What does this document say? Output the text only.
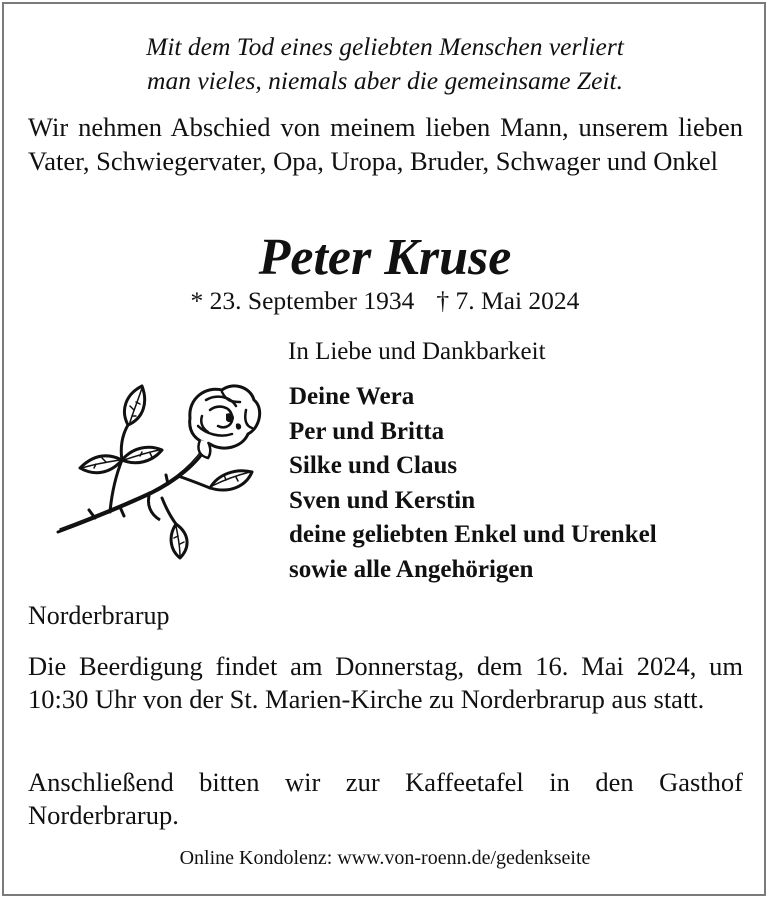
Mit dem Tod eines geliebten Menschen verliert
man vieles, niemals aber die gemeinsame Zeit.
Wir nehmen Abschied von meinem lieben Mann, unserem lieben Vater, Schwiegervater, Opa, Uropa, Bruder, Schwager und Onkel
Peter Kruse
* 23. September 1934 † 7. Mai 2024
In Liebe und Dankbarkeit
Deine Wera
Per und Britta
Silke und Claus
Sven und Kerstin
deine geliebten Enkel und Urenkel
sowie alle Angehörigen
Norderbrarup
Die Beerdigung findet am Donnerstag, dem 16. Mai 2024, um 10:30 Uhr von der St. Marien-Kirche zu Norderbrarup aus statt.
Anschließend bitten wir zur Kaffeetafel in den Gasthof Norderbrarup.
Online Kondolenz: www.von-roenn.de/gedenkseite
